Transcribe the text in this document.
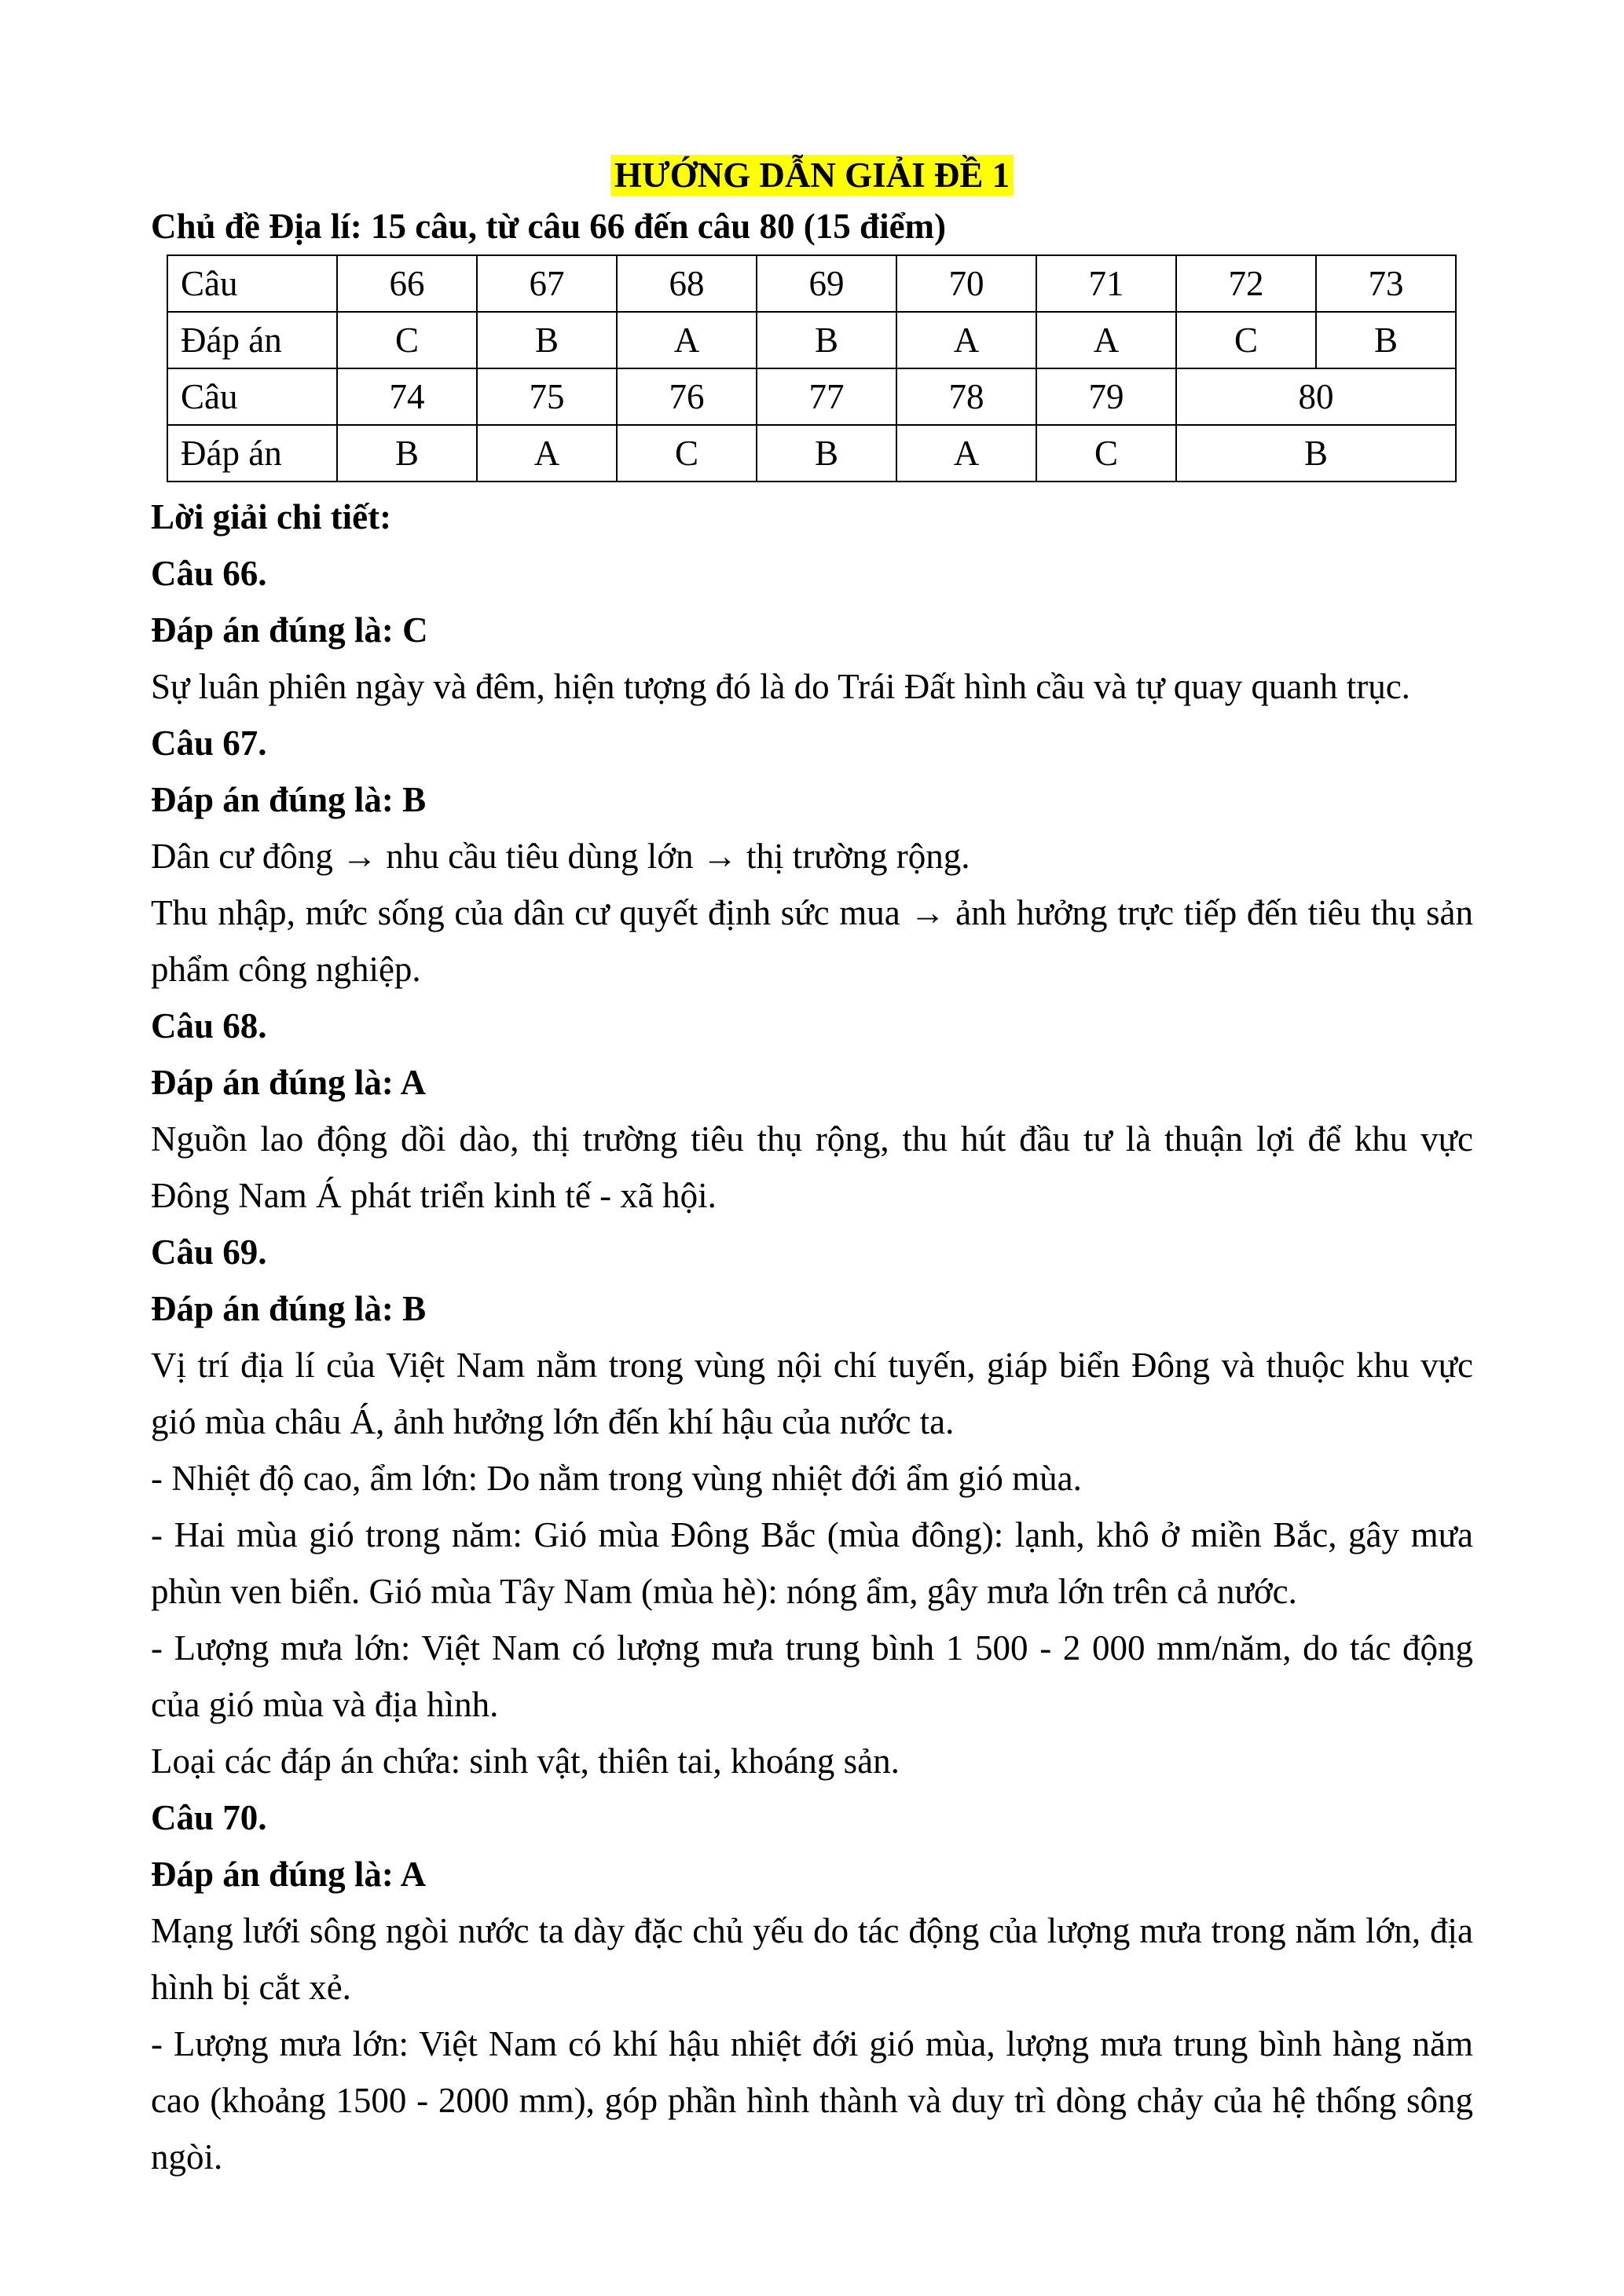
HƯỚNG DẪN GIẢI ĐỀ 1

Chủ đề Địa lí: 15 câu, từ câu 66 đến câu 80 (15 điểm)

Câu	66	67	68	69	70	71	72	73
Đáp án	C	B	A	B	A	A	C	B
Câu	74	75	76	77	78	79	80	
Đáp án	B	A	C	B	A	C	B	

Lời giải chi tiết:

Câu 66.

Đáp án đúng là: C

Sự luân phiên ngày và đêm, hiện tượng đó là do Trái Đất hình cầu và tự quay quanh trục.

Câu 67.

Đáp án đúng là: B

Dân cư đông → nhu cầu tiêu dùng lớn → thị trường rộng.

Thu nhập, mức sống của dân cư quyết định sức mua → ảnh hưởng trực tiếp đến tiêu thụ sản phẩm công nghiệp.

Câu 68.

Đáp án đúng là: A

Nguồn lao động dồi dào, thị trường tiêu thụ rộng, thu hút đầu tư là thuận lợi để khu vực Đông Nam Á phát triển kinh tế - xã hội.

Câu 69.

Đáp án đúng là: B

Vị trí địa lí của Việt Nam nằm trong vùng nội chí tuyến, giáp biển Đông và thuộc khu vực gió mùa châu Á, ảnh hưởng lớn đến khí hậu của nước ta.

- Nhiệt độ cao, ẩm lớn: Do nằm trong vùng nhiệt đới ẩm gió mùa.

- Hai mùa gió trong năm: Gió mùa Đông Bắc (mùa đông): lạnh, khô ở miền Bắc, gây mưa phùn ven biển. Gió mùa Tây Nam (mùa hè): nóng ẩm, gây mưa lớn trên cả nước.

- Lượng mưa lớn: Việt Nam có lượng mưa trung bình 1 500 - 2 000 mm/năm, do tác động của gió mùa và địa hình.

Loại các đáp án chứa: sinh vật, thiên tai, khoáng sản.

Câu 70.

Đáp án đúng là: A

Mạng lưới sông ngòi nước ta dày đặc chủ yếu do tác động của lượng mưa trong năm lớn, địa hình bị cắt xẻ.

- Lượng mưa lớn: Việt Nam có khí hậu nhiệt đới gió mùa, lượng mưa trung bình hàng năm cao (khoảng 1500 - 2000 mm), góp phần hình thành và duy trì dòng chảy của hệ thống sông ngòi.
